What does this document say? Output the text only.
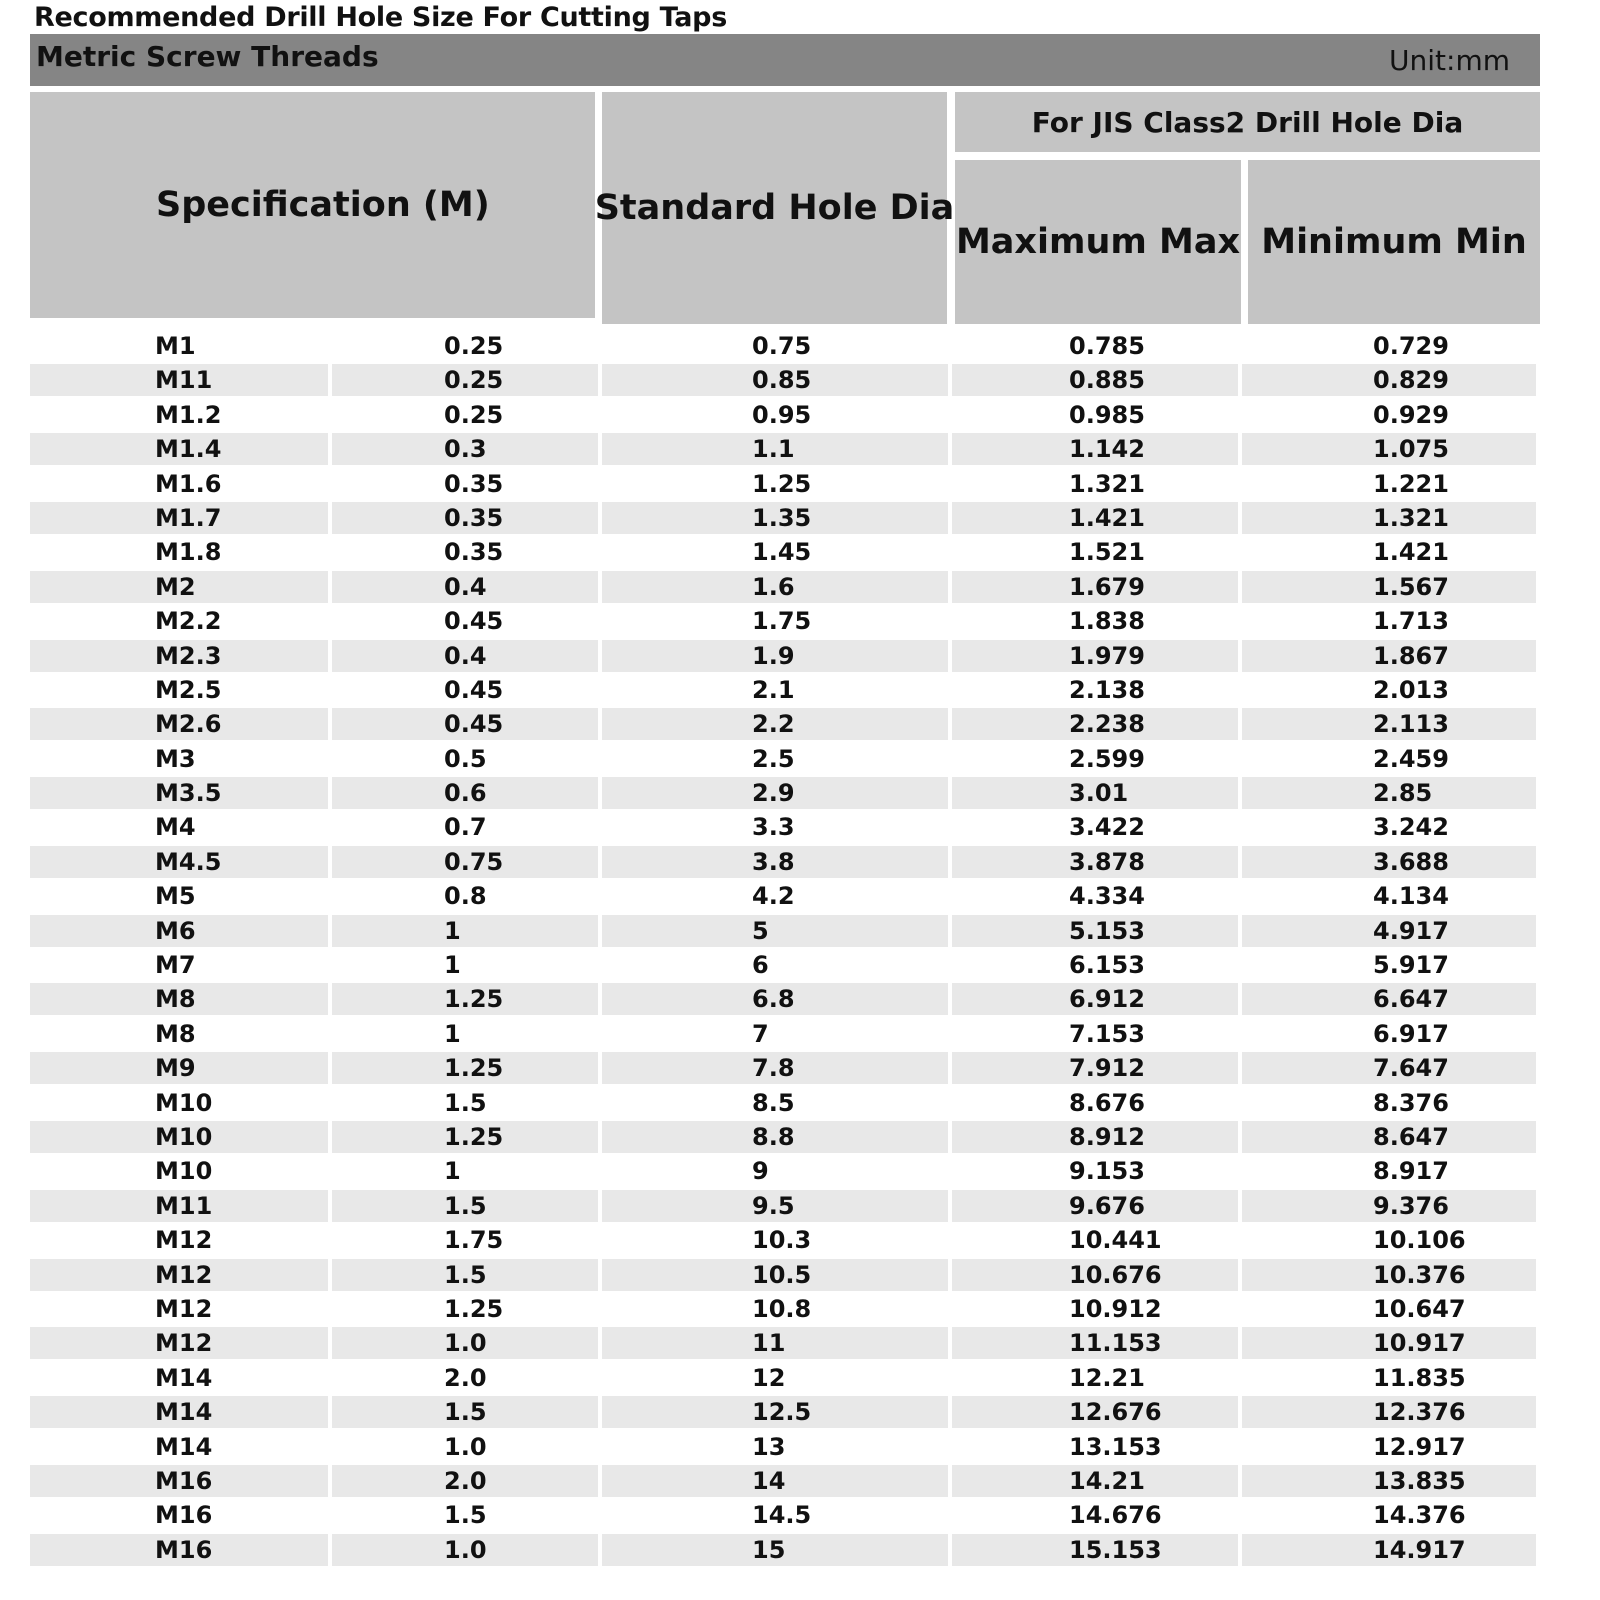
Recommended Drill Hole Size For Cutting Taps
Metric Screw Threads	Unit:mm
Specification (M)	Standard Hole Dia
For JIS Class2 Drill Hole Dia
Maximum Max Minimum Min
M1	0.25	0.75	0.785	0.729
M11	0.25	0.85	0.885	0.829
M1.2	0.25	0.95	0.985	0.929
M1.4	0.3	1.1	1.142	1.075
M1.6	0.35	1.25	1.321	1.221
M1.7	0.35	1.35	1.421	1.321
M1.8	0.35	1.45	1.521	1.421
M2	0.4	1.6	1.679	1.567
M2.2	0.45	1.75	1.838	1.713
M2.3	0.4	1.9	1.979	1.867
M2.5	0.45	2.1	2.138	2.013
M2.6	0.45	2.2	2.238	2.113
M3	0.5	2.5	2.599	2.459
M3.5	0.6	2.9	3.01	2.85
M4	0.7	3.3	3.422	3.242
M4.5	0.75	3.8	3.878	3.688
M5	0.8	4.2	4.334	4.134
M6	1	5	5.153	4.917
M7	1	6	6.153	5.917
M8	1.25	6.8	6.912	6.647
M8	1	7	7.153	6.917
M9	1.25	7.8	7.912	7.647
M10	1.5	8.5	8.676	8.376
M10	1.25	8.8	8.912	8.647
M10	1	9	9.153	8.917
M11	1.5	9.5	9.676	9.376
M12	1.75	10.3	10.441	10.106
M12	1.5	10.5	10.676	10.376
M12	1.25	10.8	10.912	10.647
M12	1.0	11	11.153	10.917
M14	2.0	12	12.21	11.835
M14	1.5	12.5	12.676	12.376
M14	1.0	13	13.153	12.917
M16	2.0	14	14.21	13.835
M16	1.5	14.5	14.676	14.376
M16	1.0	15	15.153	14.917
